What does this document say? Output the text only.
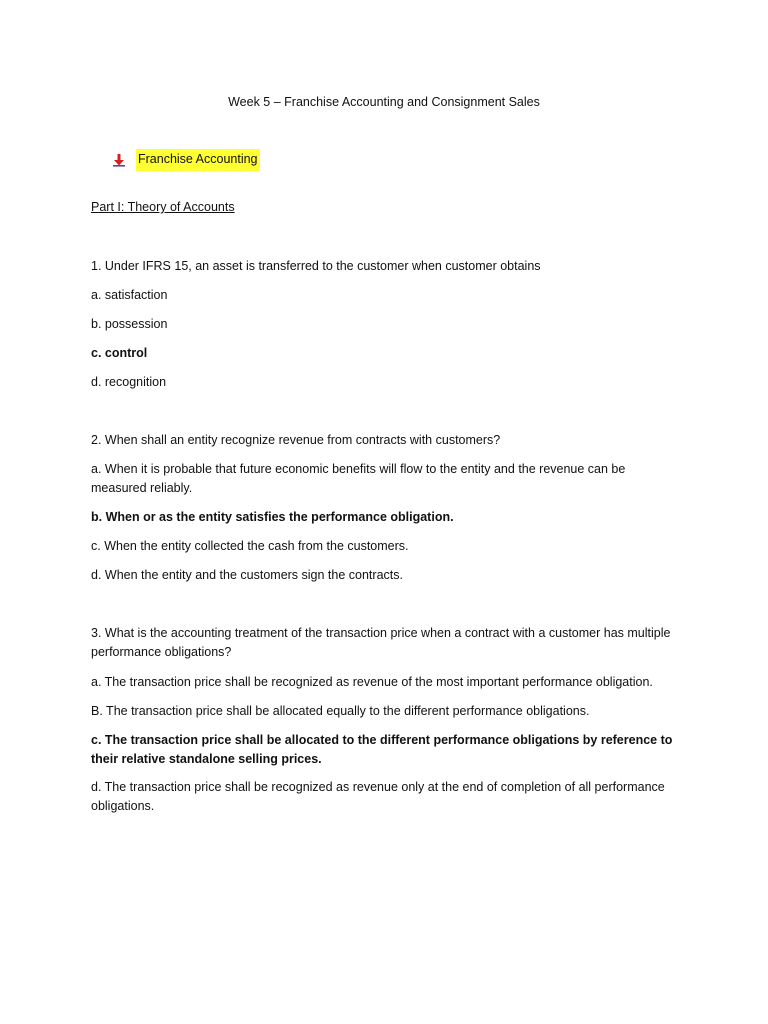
Week 5 – Franchise Accounting and Consignment Sales
Franchise Accounting
Part I: Theory of Accounts
1. Under IFRS 15, an asset is transferred to the customer when customer obtains
a. satisfaction
b. possession
c. control
d. recognition
2. When shall an entity recognize revenue from contracts with customers?
a. When it is probable that future economic benefits will flow to the entity and the revenue can be measured reliably.
b. When or as the entity satisfies the performance obligation.
c. When the entity collected the cash from the customers.
d. When the entity and the customers sign the contracts.
3. What is the accounting treatment of the transaction price when a contract with a customer has multiple performance obligations?
a. The transaction price shall be recognized as revenue of the most important performance obligation.
B. The transaction price shall be allocated equally to the different performance obligations.
c. The transaction price shall be allocated to the different performance obligations by reference to their relative standalone selling prices.
d. The transaction price shall be recognized as revenue only at the end of completion of all performance obligations.
